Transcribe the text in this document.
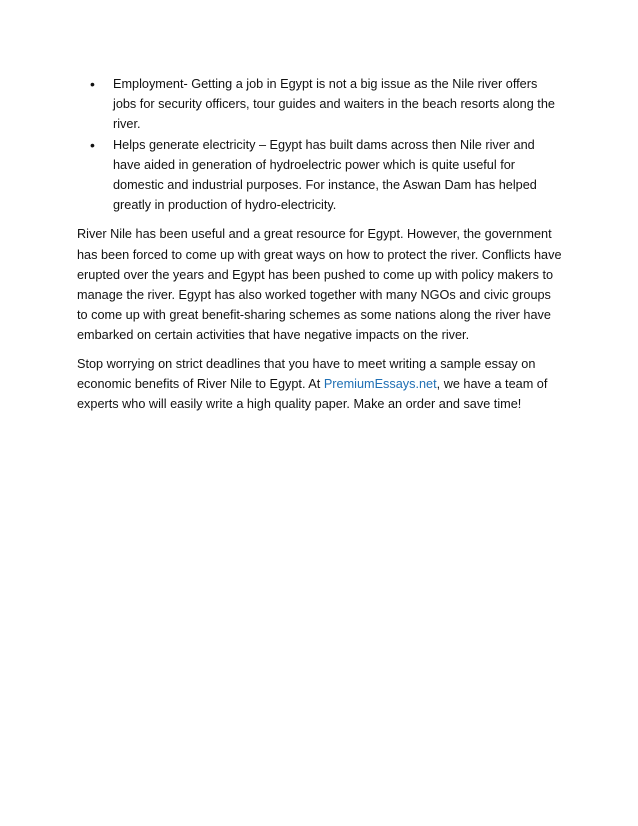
• Employment- Getting a job in Egypt is not a big issue as the Nile river offers jobs for security officers, tour guides and waiters in the beach resorts along the river.
• Helps generate electricity – Egypt has built dams across then Nile river and have aided in generation of hydroelectric power which is quite useful for domestic and industrial purposes. For instance, the Aswan Dam has helped greatly in production of hydro-electricity.

River Nile has been useful and a great resource for Egypt. However, the government has been forced to come up with great ways on how to protect the river. Conflicts have erupted over the years and Egypt has been pushed to come up with policy makers to manage the river. Egypt has also worked together with many NGOs and civic groups to come up with great benefit-sharing schemes as some nations along the river have embarked on certain activities that have negative impacts on the river.

Stop worrying on strict deadlines that you have to meet writing a sample essay on economic benefits of River Nile to Egypt. At PremiumEssays.net, we have a team of experts who will easily write a high quality paper. Make an order and save time!
